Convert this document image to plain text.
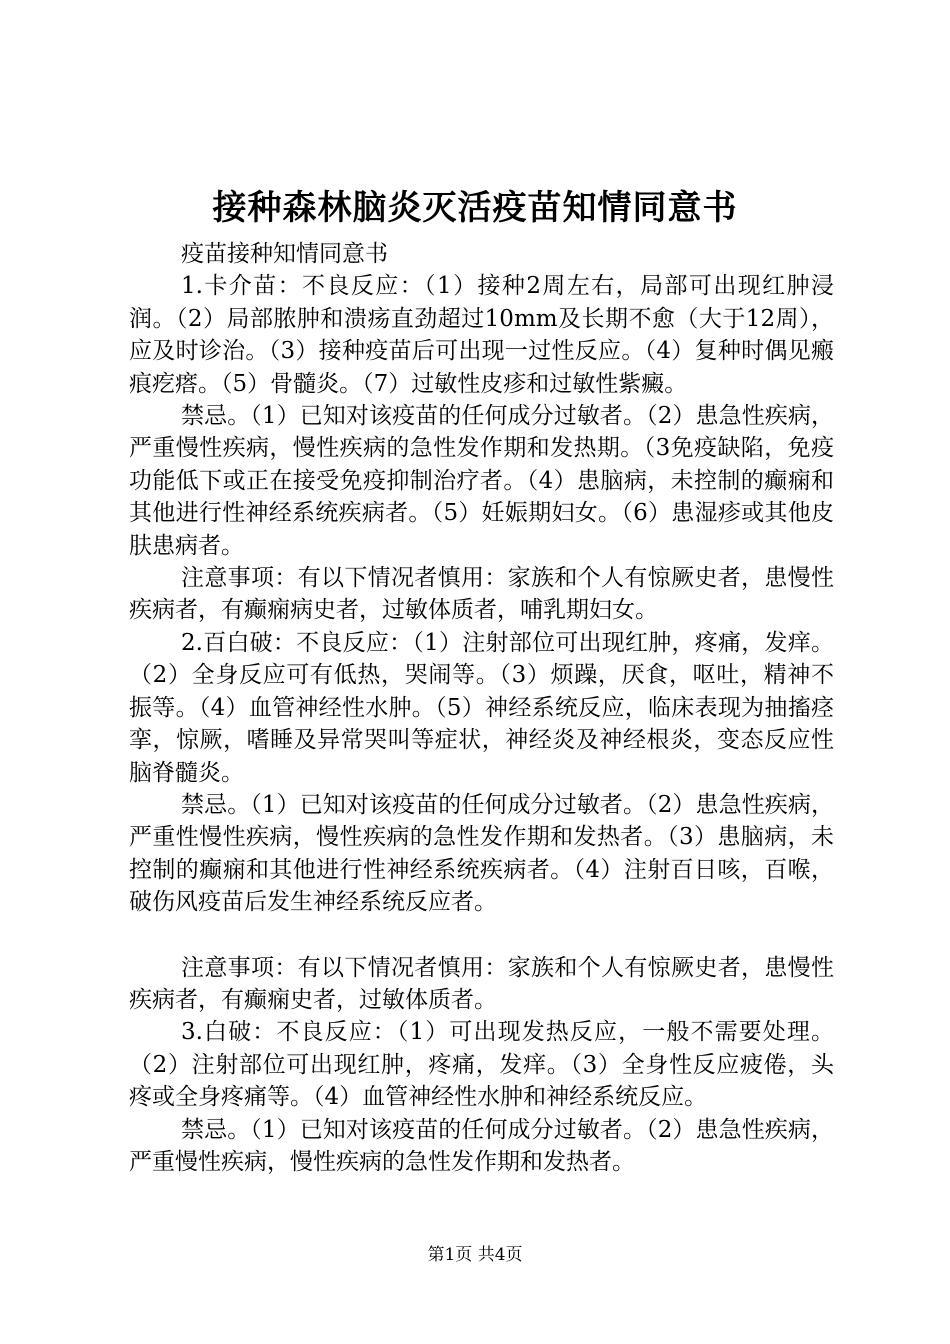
接种森林脑炎灭活疫苗知情同意书

疫苗接种知情同意书

1.卡介苗：不良反应：（1）接种2周左右，局部可出现红肿浸润。（2）局部脓肿和溃疡直劲超过10mm及长期不愈（大于12周），应及时诊治。（3）接种疫苗后可出现一过性反应。（4）复种时偶见瘢痕疙瘩。（5）骨髓炎。（7）过敏性皮疹和过敏性紫癜。

禁忌。（1）已知对该疫苗的任何成分过敏者。（2）患急性疾病，严重慢性疾病，慢性疾病的急性发作期和发热期。（3免疫缺陷，免疫功能低下或正在接受免疫抑制治疗者。（4）患脑病，未控制的癫痫和其他进行性神经系统疾病者。（5）妊娠期妇女。（6）患湿疹或其他皮肤患病者。

注意事项：有以下情况者慎用：家族和个人有惊厥史者，患慢性疾病者，有癫痫病史者，过敏体质者，哺乳期妇女。

2.百白破：不良反应：（1）注射部位可出现红肿，疼痛，发痒。（2）全身反应可有低热，哭闹等。（3）烦躁，厌食，呕吐，精神不振等。（4）血管神经性水肿。（5）神经系统反应，临床表现为抽搐痉挛，惊厥，嗜睡及异常哭叫等症状，神经炎及神经根炎，变态反应性脑脊髓炎。

禁忌。（1）已知对该疫苗的任何成分过敏者。（2）患急性疾病，严重性慢性疾病，慢性疾病的急性发作期和发热者。（3）患脑病，未控制的癫痫和其他进行性神经系统疾病者。（4）注射百日咳，百喉，破伤风疫苗后发生神经系统反应者。

注意事项：有以下情况者慎用：家族和个人有惊厥史者，患慢性疾病者，有癫痫史者，过敏体质者。

3.白破：不良反应：（1）可出现发热反应，一般不需要处理。（2）注射部位可出现红肿，疼痛，发痒。（3）全身性反应疲倦，头疼或全身疼痛等。（4）血管神经性水肿和神经系统反应。

禁忌。（1）已知对该疫苗的任何成分过敏者。（2）患急性疾病，严重慢性疾病，慢性疾病的急性发作期和发热者。

第1页 共4页
